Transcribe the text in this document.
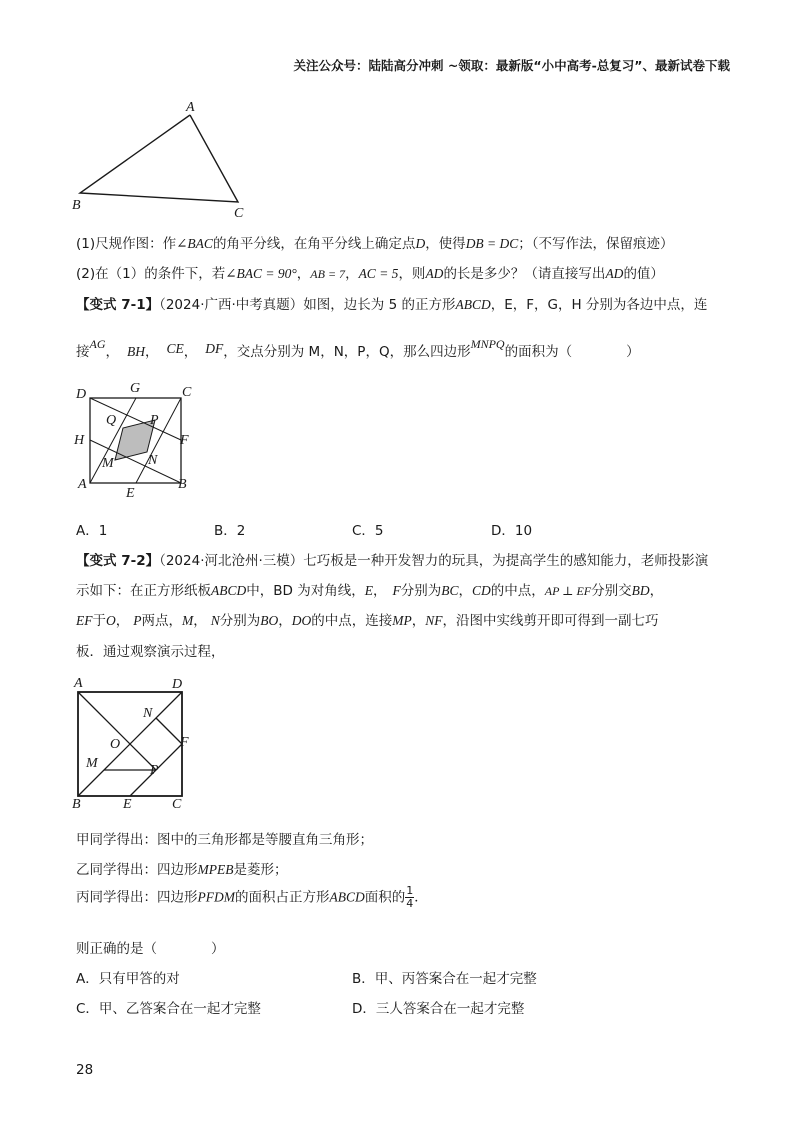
关注公众号：陆陆高分冲刺 ~领取：最新版“小中高考-总复习”、最新试卷下载
A
B
C
(1)尺规作图：作∠BAC的角平分线，在角平分线上确定点D，使得DB = DC；（不写作法，保留痕迹）
(2)在（1）的条件下，若∠BAC = 90°，AB = 7，AC = 5，则AD的长是多少？（请直接写出AD的值）
【变式 7-1】（2024·广西·中考真题）如图，边长为 5 的正方形ABCD，E，F，G，H 分别为各边中点，连
接AG， BH， CE， DF，交点分别为 M，N，P，Q，那么四边形MNPQ的面积为（　　　　）
D	G	C
Q P
H	F
M N
A
E
B
A．1	B．2	C．5	D．10
【变式 7-2】（2024·河北沧州·三模）七巧板是一种开发智力的玩具，为提高学生的感知能力，老师投影演
示如下：在正方形纸板ABCD中，BD 为对角线，E， F分别为BC，CD的中点，AP ⊥ EF分别交BD，
EF于O， P两点，M， N分别为BO，DO的中点，连接MP，NF，沿图中实线剪开即可得到一副七巧
板．通过观察演示过程，
A	D
N
O	F
M	P
B	E	C
甲同学得出：图中的三角形都是等腰直角三角形；
乙同学得出：四边形MPEB是菱形；
丙同学得出：四边形PFDM的面积占正方形ABCD面积的 $\frac{1}{4}$ ．
则正确的是（　　　　）
A．只有甲答的对	B．甲、丙答案合在一起才完整
C．甲、乙答案合在一起才完整	D．三人答案合在一起才完整
28
